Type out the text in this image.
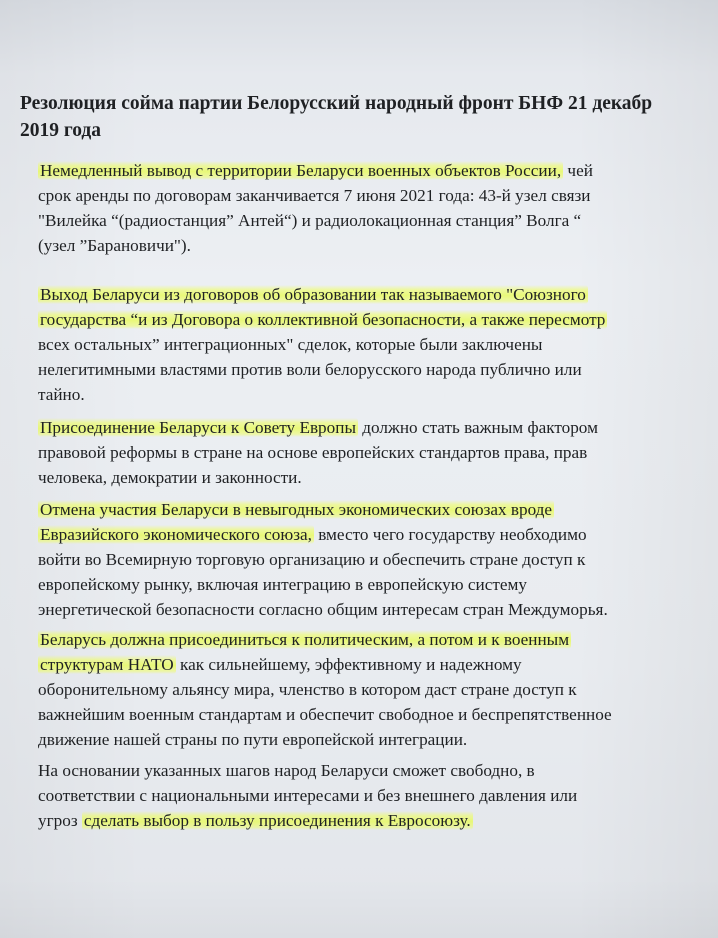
Резолюция сойма партии Белорусский народный фронт БНФ 21 декабр
2019 года

Немедленный вывод с территории Беларуси военных объектов России, чей
срок аренды по договорам заканчивается 7 июня 2021 года: 43-й узел связи
"Вилейка “(радиостанция” Антей“) и радиолокационная станция” Волга “
(узел ”Барановичи").

Выход Беларуси из договоров об образовании так называемого "Союзного
государства “и из Договора о коллективной безопасности, а также пересмотр
всех остальных” интеграционных" сделок, которые были заключены
нелегитимными властями против воли белорусского народа публично или
тайно.

Присоединение Беларуси к Совету Европы должно стать важным фактором
правовой реформы в стране на основе европейских стандартов права, прав
человека, демократии и законности.

Отмена участия Беларуси в невыгодных экономических союзах вроде
Евразийского экономического союза, вместо чего государству необходимо
войти во Всемирную торговую организацию и обеспечить стране доступ к
европейскому рынку, включая интеграцию в европейскую систему
энергетической безопасности согласно общим интересам стран Междуморья.

Беларусь должна присоединиться к политическим, а потом и к военным
структурам НАТО как сильнейшему, эффективному и надежному
оборонительному альянсу мира, членство в котором даст стране доступ к
важнейшим военным стандартам и обеспечит свободное и беспрепятственное
движение нашей страны по пути европейской интеграции.

На основании указанных шагов народ Беларуси сможет свободно, в
соответствии с национальными интересами и без внешнего давления или
угроз сделать выбор в пользу присоединения к Евросоюзу.
